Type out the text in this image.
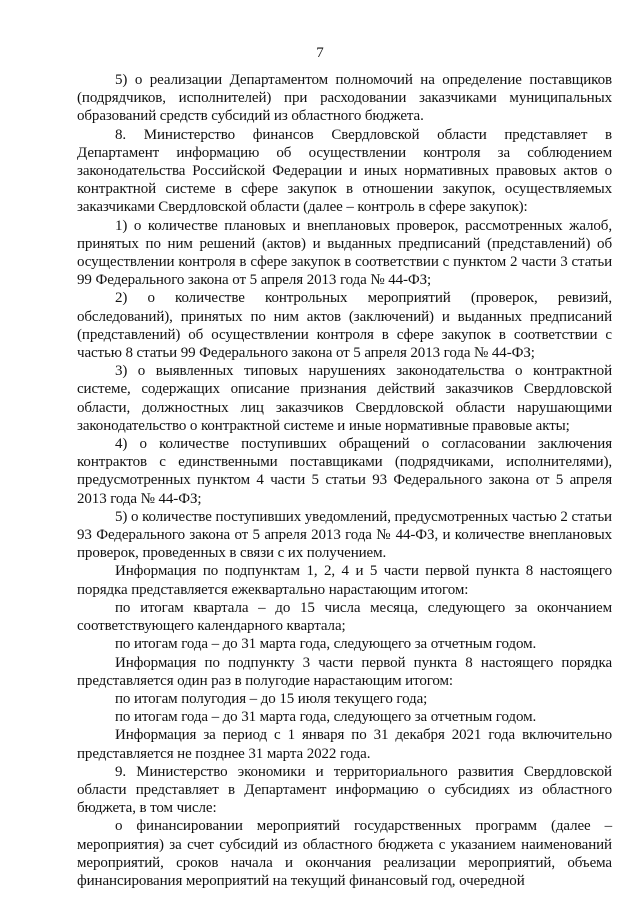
7

5) о реализации Департаментом полномочий на определение поставщиков (подрядчиков, исполнителей) при расходовании заказчиками муниципальных образований средств субсидий из областного бюджета.

8. Министерство финансов Свердловской области представляет в Департамент информацию об осуществлении контроля за соблюдением законодательства Российской Федерации и иных нормативных правовых актов о контрактной системе в сфере закупок в отношении закупок, осуществляемых заказчиками Свердловской области (далее – контроль в сфере закупок):

1) о количестве плановых и внеплановых проверок, рассмотренных жалоб, принятых по ним решений (актов) и выданных предписаний (представлений) об осуществлении контроля в сфере закупок в соответствии с пунктом 2 части 3 статьи 99 Федерального закона от 5 апреля 2013 года № 44-ФЗ;

2) о количестве контрольных мероприятий (проверок, ревизий, обследований), принятых по ним актов (заключений) и выданных предписаний (представлений) об осуществлении контроля в сфере закупок в соответствии с частью 8 статьи 99 Федерального закона от 5 апреля 2013 года № 44-ФЗ;

3) о выявленных типовых нарушениях законодательства о контрактной системе, содержащих описание признания действий заказчиков Свердловской области, должностных лиц заказчиков Свердловской области нарушающими законодательство о контрактной системе и иные нормативные правовые акты;

4) о количестве поступивших обращений о согласовании заключения контрактов с единственными поставщиками (подрядчиками, исполнителями), предусмотренных пунктом 4 части 5 статьи 93 Федерального закона от 5 апреля 2013 года № 44-ФЗ;

5) о количестве поступивших уведомлений, предусмотренных частью 2 статьи 93 Федерального закона от 5 апреля 2013 года № 44-ФЗ, и количестве внеплановых проверок, проведенных в связи с их получением.

Информация по подпунктам 1, 2, 4 и 5 части первой пункта 8 настоящего порядка представляется ежеквартально нарастающим итогом:

по итогам квартала – до 15 числа месяца, следующего за окончанием соответствующего календарного квартала;

по итогам года – до 31 марта года, следующего за отчетным годом.

Информация по подпункту 3 части первой пункта 8 настоящего порядка представляется один раз в полугодие нарастающим итогом:

по итогам полугодия – до 15 июля текущего года;

по итогам года – до 31 марта года, следующего за отчетным годом.

Информация за период с 1 января по 31 декабря 2021 года включительно представляется не позднее 31 марта 2022 года.

9. Министерство экономики и территориального развития Свердловской области представляет в Департамент информацию о субсидиях из областного бюджета, в том числе:

о финансировании мероприятий государственных программ (далее – мероприятия) за счет субсидий из областного бюджета с указанием наименований мероприятий, сроков начала и окончания реализации мероприятий, объема финансирования мероприятий на текущий финансовый год, очередной
